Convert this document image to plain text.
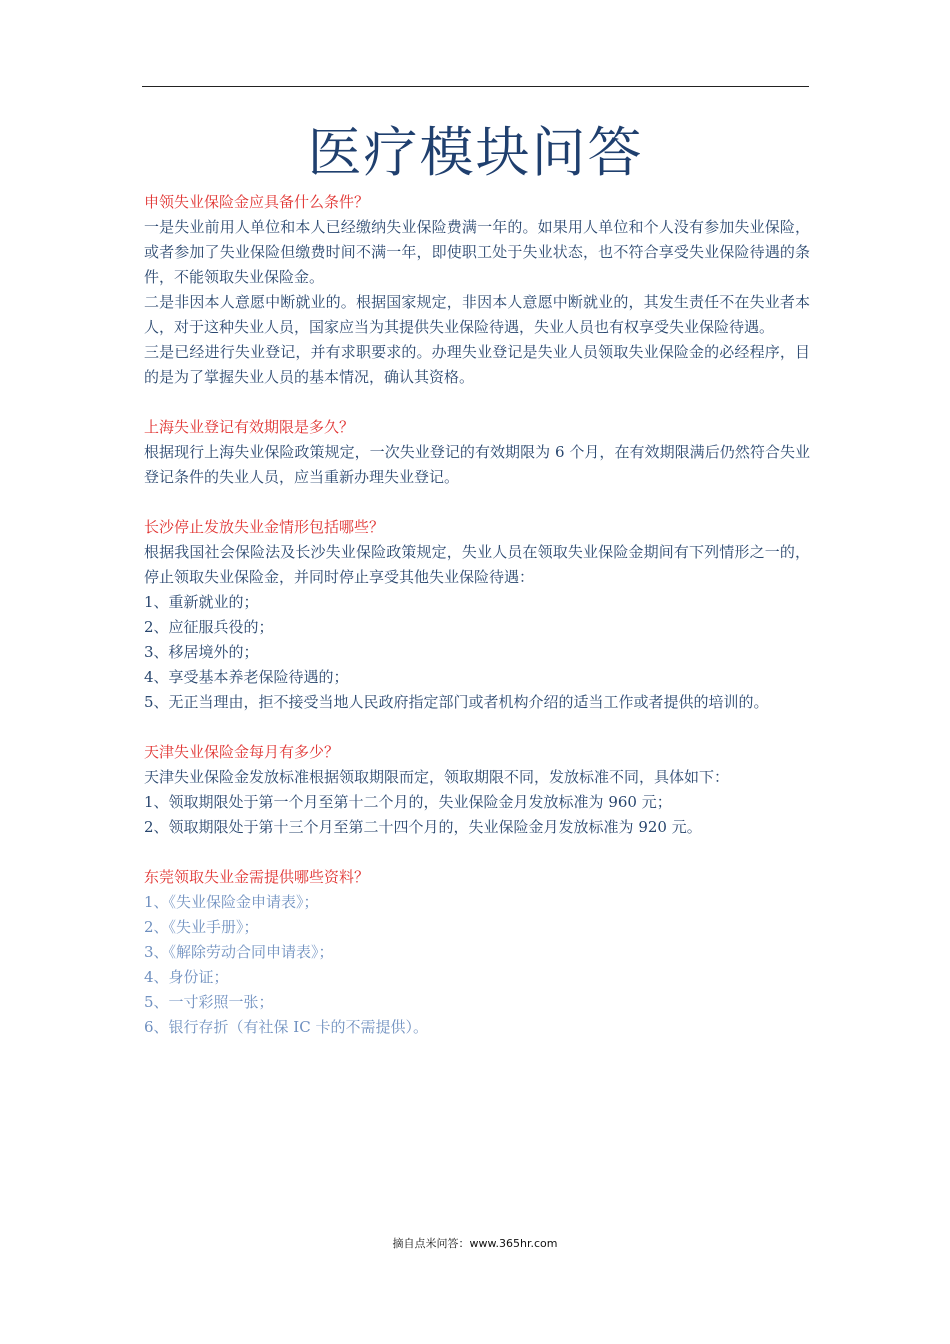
医疗模块问答

申领失业保险金应具备什么条件？

一是失业前用人单位和本人已经缴纳失业保险费满一年的。如果用人单位和个人没有参加失业保险，或者参加了失业保险但缴费时间不满一年，即使职工处于失业状态，也不符合享受失业保险待遇的条件，不能领取失业保险金。

二是非因本人意愿中断就业的。根据国家规定，非因本人意愿中断就业的，其发生责任不在失业者本人，对于这种失业人员，国家应当为其提供失业保险待遇，失业人员也有权享受失业保险待遇。

三是已经进行失业登记，并有求职要求的。办理失业登记是失业人员领取失业保险金的必经程序，目的是为了掌握失业人员的基本情况，确认其资格。

上海失业登记有效期限是多久？

根据现行上海失业保险政策规定，一次失业登记的有效期限为 6 个月，在有效期限满后仍然符合失业登记条件的失业人员，应当重新办理失业登记。

长沙停止发放失业金情形包括哪些？

根据我国社会保险法及长沙失业保险政策规定，失业人员在领取失业保险金期间有下列情形之一的，停止领取失业保险金，并同时停止享受其他失业保险待遇：

1、重新就业的；

2、应征服兵役的；

3、移居境外的；

4、享受基本养老保险待遇的；

5、无正当理由，拒不接受当地人民政府指定部门或者机构介绍的适当工作或者提供的培训的。

天津失业保险金每月有多少？

天津失业保险金发放标准根据领取期限而定，领取期限不同，发放标准不同，具体如下：

1、领取期限处于第一个月至第十二个月的，失业保险金月发放标准为 960 元；

2、领取期限处于第十三个月至第二十四个月的，失业保险金月发放标准为 920 元。

东莞领取失业金需提供哪些资料？

1、《失业保险金申请表》；

2、《失业手册》；

3、《解除劳动合同申请表》；

4、身份证；

5、一寸彩照一张；

6、银行存折（有社保 IC 卡的不需提供）。

摘自点米问答：www.365hr.com
